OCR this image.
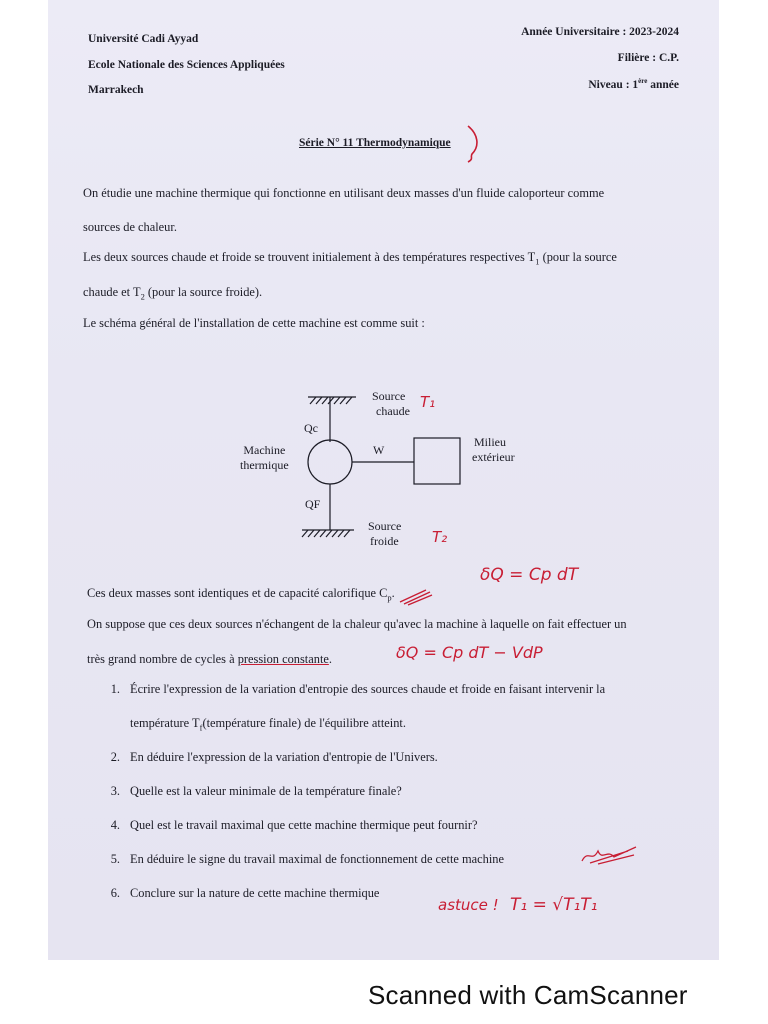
Université Cadi Ayyad
Ecole Nationale des Sciences Appliquées
Marrakech
Année Universitaire : 2023-2024
Filière : C.P.
Niveau : 1ère année
Série N° 11 Thermodynamique
On étudie une machine thermique qui fonctionne en utilisant deux masses d'un fluide caloporteur comme
sources de chaleur.
Les deux sources chaude et froide se trouvent initialement à des températures respectives $T_1$ (pour la source
chaude et $T_2$ (pour la source froide).
Le schéma général de l'installation de cette machine est comme suit :
Source
chaude
Qc
Machine
thermique
W
Milieu
extérieur
QF
Source
froide
T₁
T₂
Ces deux masses sont identiques et de capacité calorifique $C_p$.
δQ = Cp dT
On suppose que ces deux sources n'échangent de la chaleur qu'avec la machine à laquelle on fait effectuer un
très grand nombre de cycles à pression constante.	δQ = Cp dT − VdP
1. Écrire l'expression de la variation d'entropie des sources chaude et froide en faisant intervenir la
température $T_f(température$ finale) de l'équilibre atteint.
2. En déduire l'expression de la variation d'entropie de l'Univers.
3. Quelle est la valeur minimale de la température finale?
4. Quel est le travail maximal que cette machine thermique peut fournir?
5. En déduire le signe du travail maximal de fonctionnement de cette machine
6. Conclure sur la nature de cette machine thermique
astuce ! T₁ = √T₁T₁
Scanned with CamScanner
